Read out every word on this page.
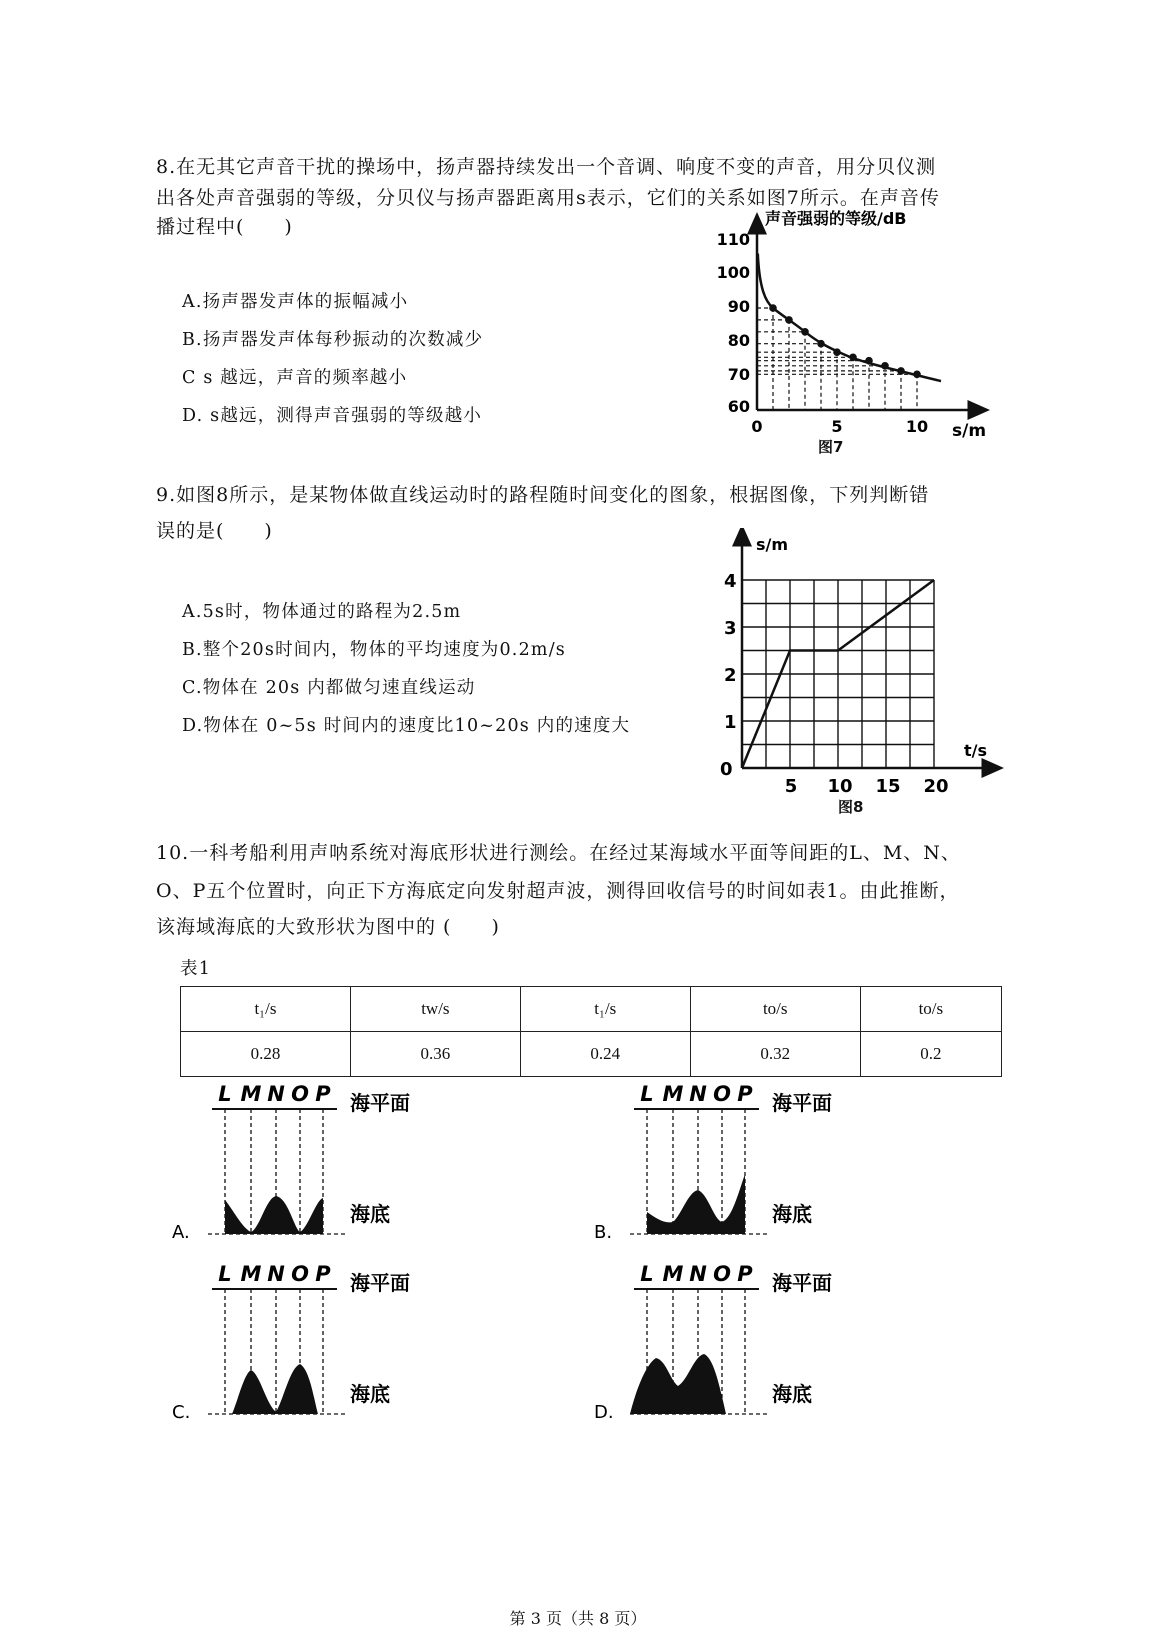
8.在无其它声音干扰的操场中，扬声器持续发出一个音调、响度不变的声音，用分贝仪测
出各处声音强弱的等级，分贝仪与扬声器距离用s表示，它们的关系如图7所示。在声音传
播过程中(　　)
A.扬声器发声体的振幅减小
B.扬声器发声体每秒振动的次数减少
C s 越远，声音的频率越小
D. s越远，测得声音强弱的等级越小
声音强弱的等级/dB
s/m
110
100
90
80
70
60
0	5	10
图7
9.如图8所示，是某物体做直线运动时的路程随时间变化的图象，根据图像，下列判断错
误的是(　　)
A.5s时，物体通过的路程为2.5m
B.整个20s时间内，物体的平均速度为0.2m/s
C.物体在 20s 内都做匀速直线运动
D.物体在 0~5s 时间内的速度比10~20s 内的速度大
s/m
t/s
4
3
2
1
0
5 10 15 20
图8
10.一科考船利用声呐系统对海底形状进行测绘。在经过某海域水平面等间距的L、M、N、
O、P五个位置时，向正下方海底定向发射超声波，测得回收信号的时间如表1。由此推断，
该海域海底的大致形状为图中的 (　　)
表1
t₁/s	tw/s	t₁/s	to/s	to/s
0.28	0.36	0.24	0.32	0.2
A.
L M N O P 海平面
海底
B.
L M N O P 海平面
海底
C.
L M N O P 海平面
海底
D.
L M N O P 海平面
海底
第 3 页（共 8 页）
